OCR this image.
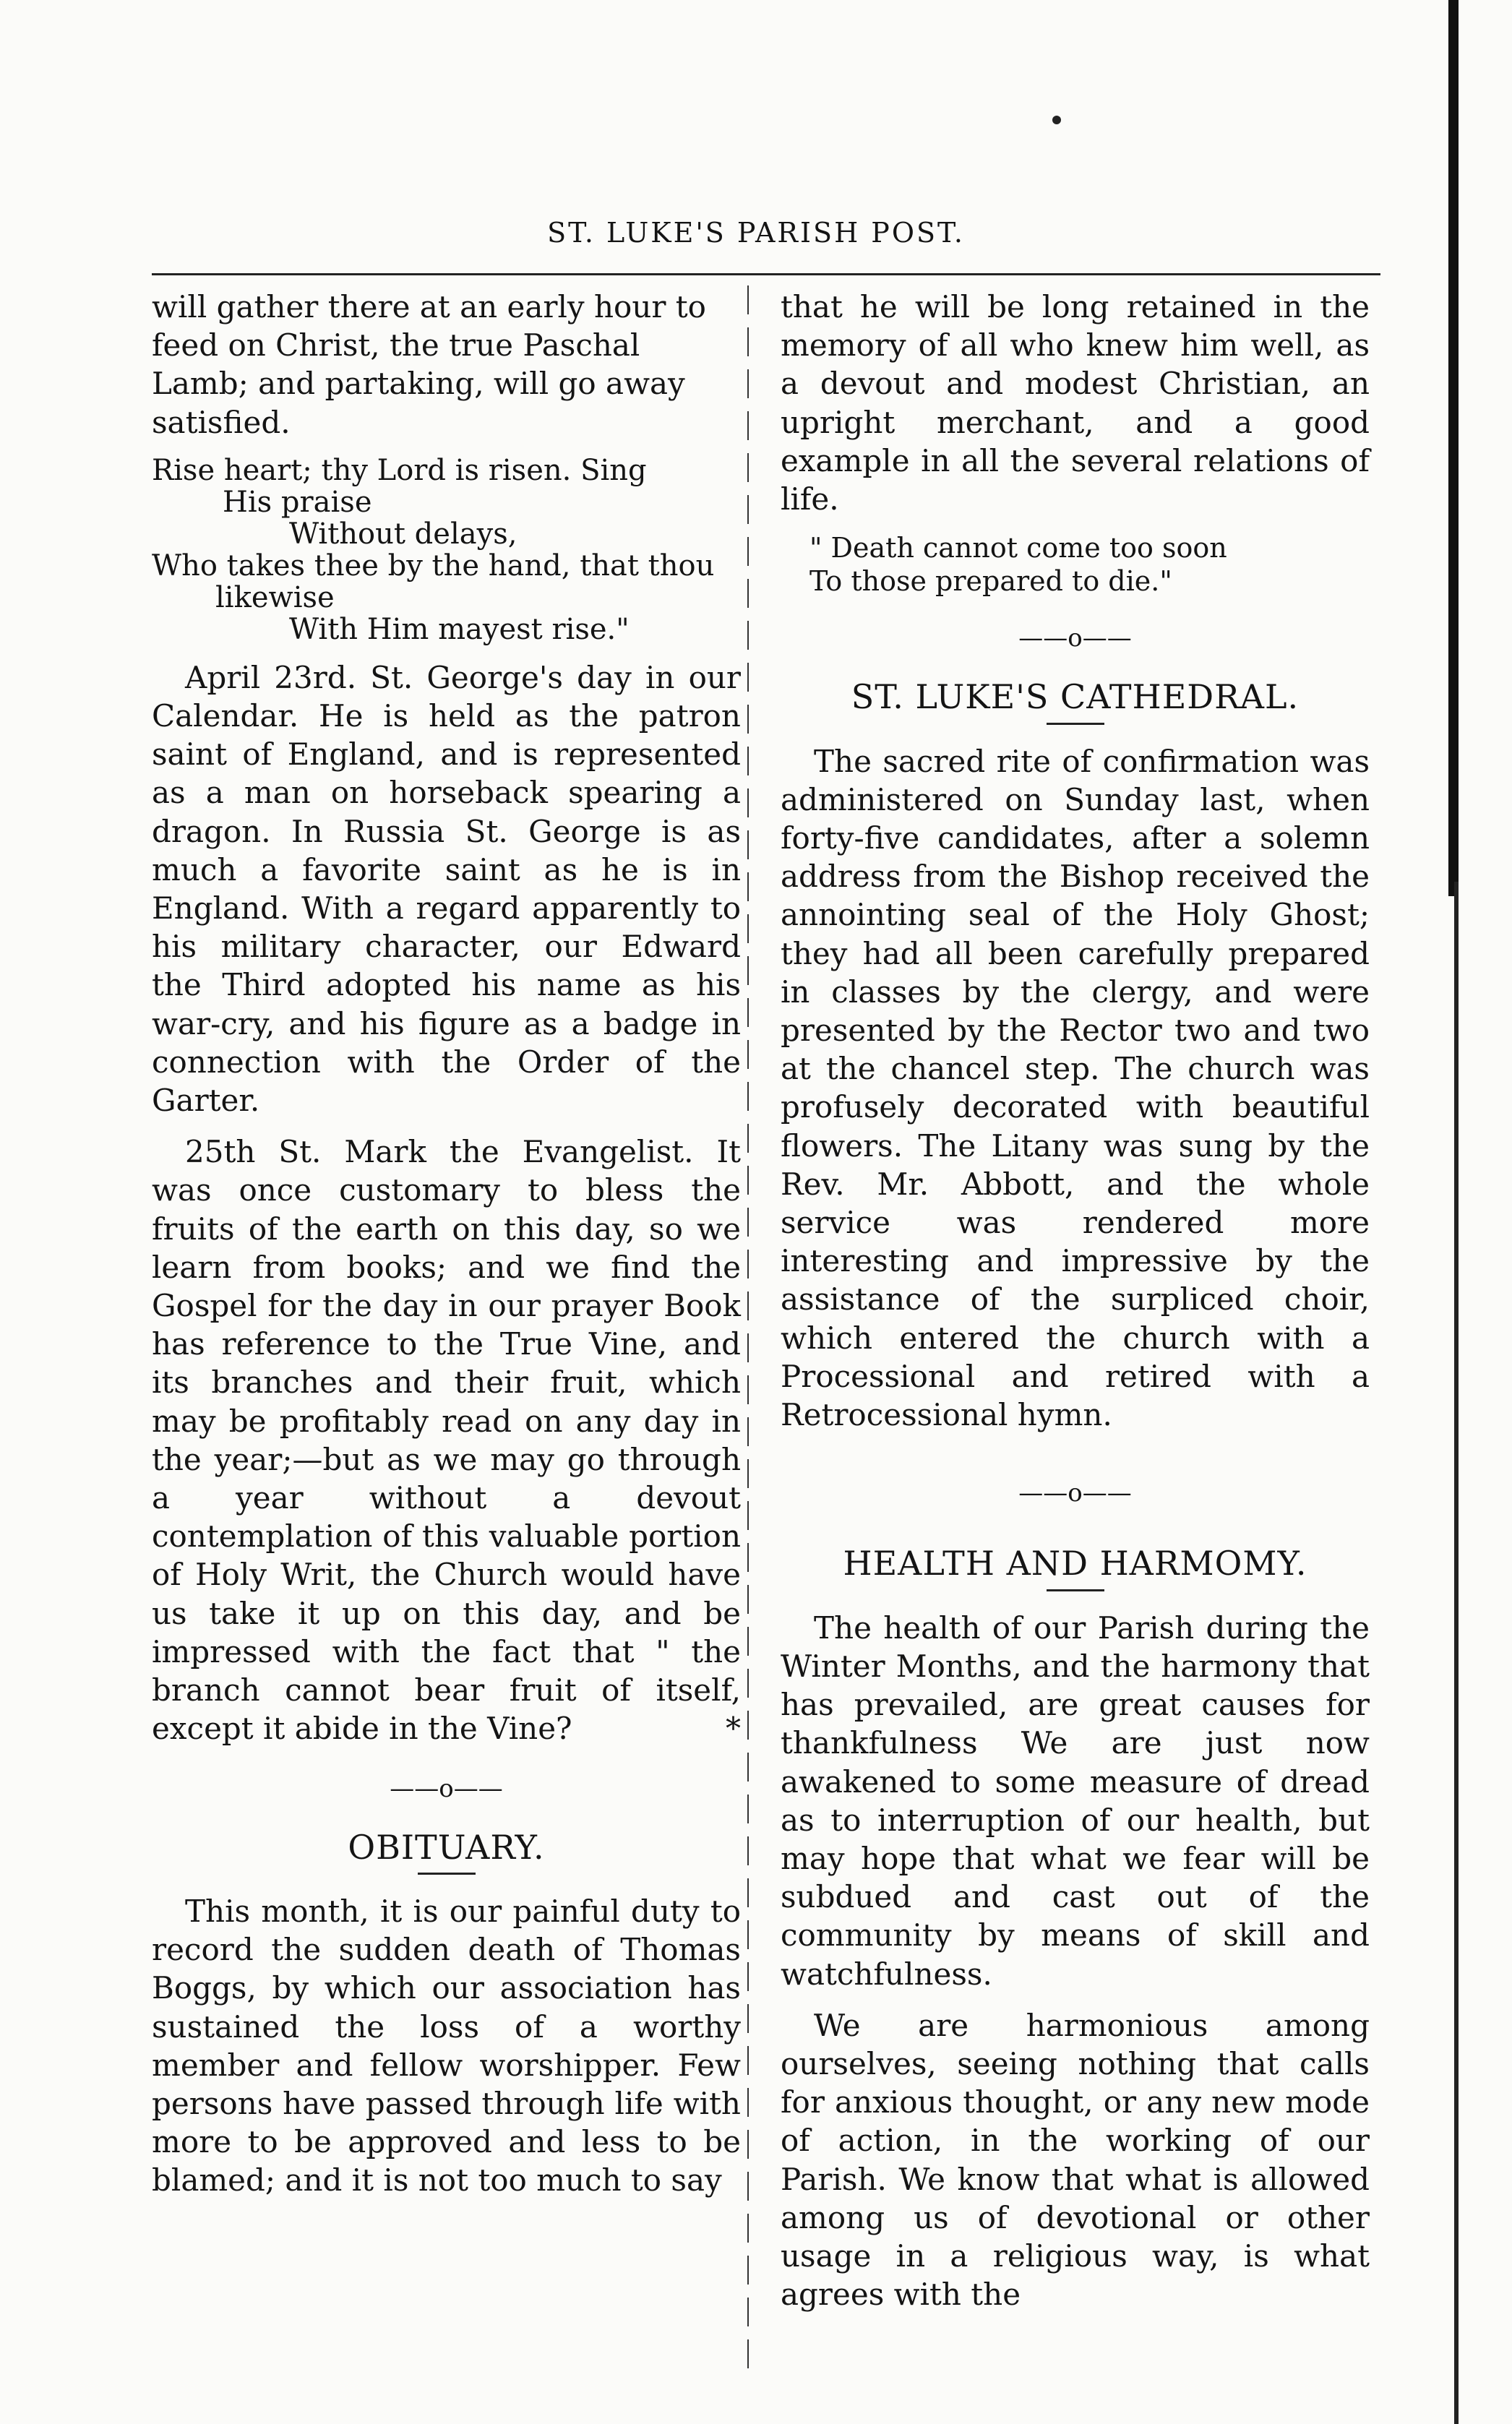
ST. LUKE'S PARISH POST.

will gather there at an early hour to
feed on Christ, the true Paschal
Lamb; and partaking, will go away
satisfied.

Rise heart; thy Lord is risen. Sing
His praise
Without delays,
Who takes thee by the hand, that thou
likewise
With Him mayest rise."

April 23rd. St. George's day in our Calendar. He is held as the patron saint of England, and is represented as a man on horseback spearing a dragon. In Russia St. George is as much a favorite saint as he is in England. With a regard apparently to his military character, our Edward the Third adopted his name as his war-cry, and his figure as a badge in connection with the Order of the Garter.

25th St. Mark the Evangelist. It was once customary to bless the fruits of the earth on this day, so we learn from books; and we find the Gospel for the day in our prayer Book has reference to the True Vine, and its branches and their fruit, which may be profitably read on any day in the year;—but as we may go through a year without a devout contemplation of this valuable portion of Holy Writ, the Church would have us take it up on this day, and be impressed with the fact that " the branch cannot bear fruit of itself, except it abide in the Vine?	*

——o——
OBITUARY.

This month, it is our painful duty to record the sudden death of Thomas Boggs, by which our association has sustained the loss of a worthy member and fellow worshipper. Few persons have passed through life with more to be approved and less to be blamed; and it is not too much to say

that he will be long retained in the memory of all who knew him well, as a devout and modest Christian, an upright merchant, and a good example in all the several relations of life.

" Death cannot come too soon
To those prepared to die."
——o——
ST. LUKE'S CATHEDRAL.

The sacred rite of confirmation was administered on Sunday last, when forty-five candidates, after a solemn address from the Bishop received the annointing seal of the Holy Ghost; they had all been carefully prepared in classes by the clergy, and were presented by the Rector two and two at the chancel step. The church was profusely decorated with beautiful flowers. The Litany was sung by the Rev. Mr. Abbott, and the whole service was rendered more interesting and impressive by the assistance of the surpliced choir, which entered the church with a Processional and retired with a Retrocessional hymn.

——o——
HEALTH AND HARMOMY.

The health of our Parish during the Winter Months, and the harmony that has prevailed, are great causes for thankfulness We are just now awakened to some measure of dread as to interruption of our health, but may hope that what we fear will be subdued and cast out of the community by means of skill and watchfulness.

We are harmonious among ourselves, seeing nothing that calls for anxious thought, or any new mode of action, in the working of our Parish. We know that what is allowed among us of devotional or other usage in a religious way, is what agrees with the
